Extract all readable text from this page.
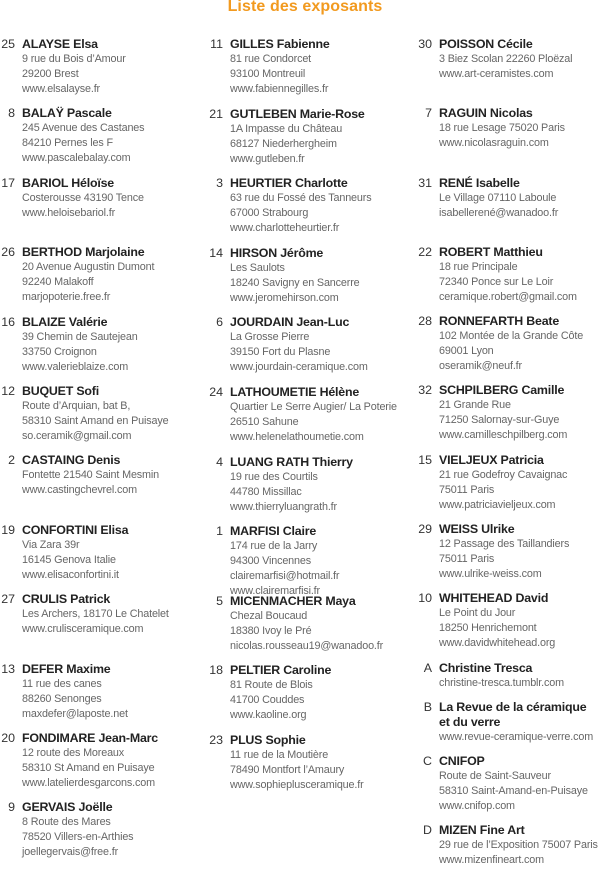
Liste des exposants
25 ALAYSE Elsa
9 rue du Bois d’Amour
29200 Brest
www.elsalayse.fr
8 BALAŸ Pascale
245 Avenue des Castanes
84210 Pernes les F
www.pascalebalay.com
17 BARIOL Héloïse
Costerousse 43190 Tence
www.heloisebariol.fr
26 BERTHOD Marjolaine
20 Avenue Augustin Dumont
92240 Malakoff
marjopoterie.free.fr
16 BLAIZE Valérie
39 Chemin de Sautejean
33750 Croignon
www.valerieblaize.com
12 BUQUET Sofi
Route d’Arquian, bat B,
58310 Saint Amand en Puisaye
so.ceramik@gmail.com
2 CASTAING Denis
Fontette 21540 Saint Mesmin
www.castingchevrel.com
19 CONFORTINI Elisa
Via Zara 39r
16145 Genova Italie
www.elisaconfortini.it
27 CRULIS Patrick
Les Archers, 18170 Le Chatelet
www.crulisceramique.com
13 DEFER Maxime
11 rue des canes
88260 Senonges
maxdefer@laposte.net
20 FONDIMARE Jean-Marc
12 route des Moreaux
58310 St Amand en Puisaye
www.latelierdesgarcons.com
9 GERVAIS Joëlle
8 Route des Mares
78520 Villers-en-Arthies
joellegervais@free.fr
11 GILLES Fabienne
81 rue Condorcet
93100 Montreuil
www.fabiennegilles.fr
21 GUTLEBEN Marie-Rose
1A Impasse du Château
68127 Niederhergheim
www.gutleben.fr
3 HEURTIER Charlotte
63 rue du Fossé des Tanneurs
67000 Strabourg
www.charlotteheurtier.fr
14 HIRSON Jérôme
Les Saulots
18240 Savigny en Sancerre
www.jeromehirson.com
6 JOURDAIN Jean-Luc
La Grosse Pierre
39150 Fort du Plasne
www.jourdain-ceramique.com
24 LATHOUMETIE Hélène
Quartier Le Serre Augier/ La Poterie
26510 Sahune
www.helenelathoumetie.com
4 LUANG RATH Thierry
19 rue des Courtils
44780 Missillac
www.thierryluangrath.fr
1 MARFISI Claire
174 rue de la Jarry
94300 Vincennes
clairemarfisi@hotmail.fr
www.clairemarfisi.fr
5 MICENMACHER Maya
Chezal Boucaud
18380 Ivoy le Pré
nicolas.rousseau19@wanadoo.fr
18 PELTIER Caroline
81 Route de Blois
41700 Couddes
www.kaoline.org
23 PLUS Sophie
11 rue de la Moutière
78490 Montfort l’Amaury
www.sophieplusceramique.fr
30 POISSON Cécile
3 Biez Scolan 22260 Ploëzal
www.art-ceramistes.com
7 RAGUIN Nicolas
18 rue Lesage 75020 Paris
www.nicolasraguin.com
31 RENÉ Isabelle
Le Village 07110 Laboule
isabellerené@wanadoo.fr
22 ROBERT Matthieu
18 rue Principale
72340 Ponce sur Le Loir
ceramique.robert@gmail.com
28 RONNEFARTH Beate
102 Montée de la Grande Côte
69001 Lyon
oseramik@neuf.fr
32 SCHPILBERG Camille
21 Grande Rue
71250 Salornay-sur-Guye
www.camilleschpilberg.com
15 VIELJEUX Patricia
21 rue Godefroy Cavaignac
75011 Paris
www.patriciavieljeux.com
29 WEISS Ulrike
12 Passage des Taillandiers
75011 Paris
www.ulrike-weiss.com
10 WHITEHEAD David
Le Point du Jour
18250 Henrichemont
www.davidwhitehead.org
A Christine Tresca
christine-tresca.tumblr.com
B La Revue de la céramique
et du verre
www.revue-ceramique-verre.com
C CNIFOP
Route de Saint-Sauveur
58310 Saint-Amand-en-Puisaye
www.cnifop.com
D MIZEN Fine Art
29 rue de l’Exposition 75007 Paris
www.mizenfineart.com
